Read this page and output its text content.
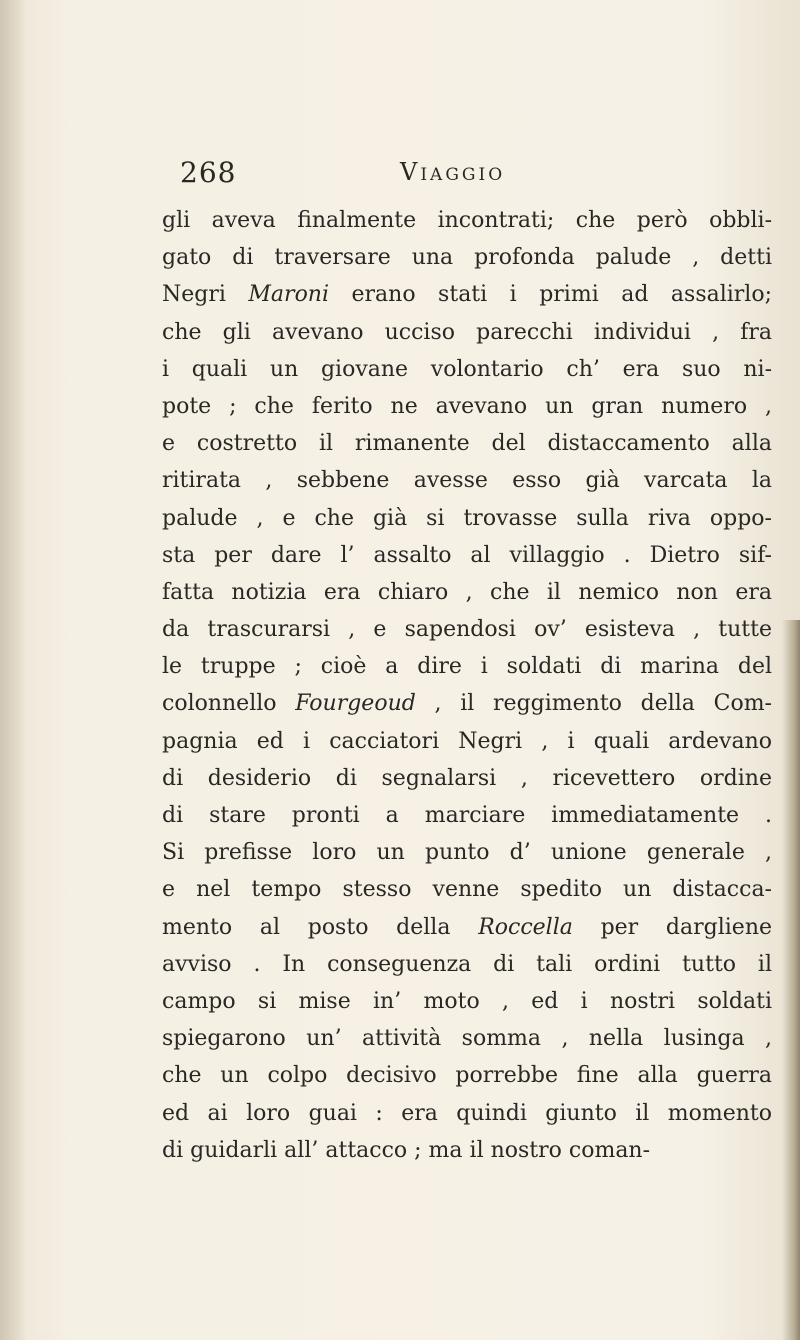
268	Viaggio
gli aveva finalmente incontrati; che però obbli-
gato di traversare una profonda palude , detti
Negri Maroni erano stati i primi ad assalirlo;
che gli avevano ucciso parecchi individui , fra
i quali un giovane volontario ch’ era suo ni-
pote ; che ferito ne avevano un gran numero ,
e costretto il rimanente del distaccamento alla
ritirata , sebbene avesse esso già varcata la
palude , e che già si trovasse sulla riva oppo-
sta per dare l’ assalto al villaggio . Dietro sif-
fatta notizia era chiaro , che il nemico non era
da trascurarsi , e sapendosi ov’ esisteva , tutte
le truppe ; cioè a dire i soldati di marina del
colonnello Fourgeoud , il reggimento della Com-
pagnia ed i cacciatori Negri , i quali ardevano
di desiderio di segnalarsi , ricevettero ordine
di stare pronti a marciare immediatamente .
Si prefisse loro un punto d’ unione generale ,
e nel tempo stesso venne spedito un distacca-
mento al posto della Roccella per dargliene
avviso . In conseguenza di tali ordini tutto il
campo si mise in’ moto , ed i nostri soldati
spiegarono un’ attività somma , nella lusinga ,
che un colpo decisivo porrebbe fine alla guerra
ed ai loro guai : era quindi giunto il momento
di guidarli all’ attacco ; ma il nostro coman-
